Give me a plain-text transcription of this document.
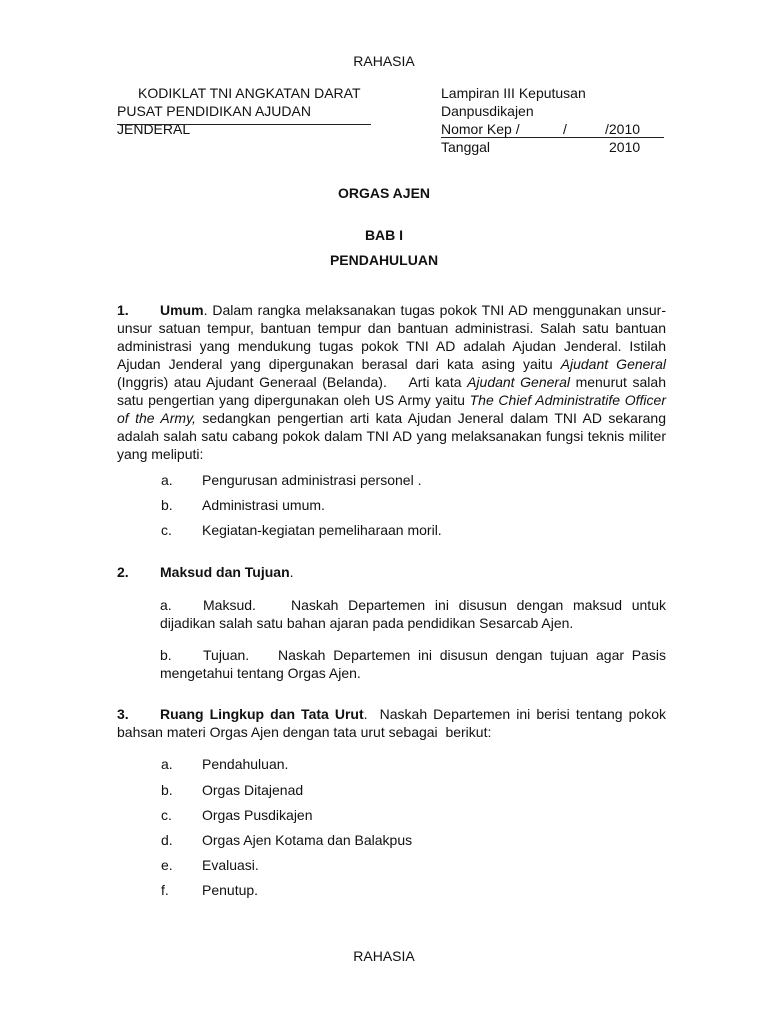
RAHASIA
KODIKLAT TNI ANGKATAN DARAT
PUSAT PENDIDIKAN AJUDAN JENDERAL
Lampiran III Keputusan Danpusdikajen
Nomor Kep /	/	/2010
Tanggal	2010
ORGAS AJEN
BAB I
PENDAHULUAN
1. Umum. Dalam rangka melaksanakan tugas pokok TNI AD menggunakan unsur-unsur satuan tempur, bantuan tempur dan bantuan administrasi. Salah satu bantuan administrasi yang mendukung tugas pokok TNI AD adalah Ajudan Jenderal. Istilah Ajudan Jenderal yang dipergunakan berasal dari kata asing yaitu Ajudant General (Inggris) atau Ajudant Generaal (Belanda).    Arti kata Ajudant General menurut salah satu pengertian yang dipergunakan oleh US Army yaitu The Chief Administratife Officer of the Army, sedangkan pengertian arti kata Ajudan Jeneral dalam TNI AD sekarang adalah salah satu cabang pokok dalam TNI AD yang melaksanakan fungsi teknis militer yang meliputi:
a. Pengurusan administrasi personel .
b. Administrasi umum.
c. Kegiatan-kegiatan pemeliharaan moril.
2. Maksud dan Tujuan.
a. Maksud.	Naskah Departemen ini disusun dengan maksud untuk dijadikan salah satu bahan ajaran pada pendidikan Sesarcab Ajen.
b. Tujuan. Naskah Departemen ini disusun dengan tujuan agar Pasis mengetahui tentang Orgas Ajen.
3. Ruang Lingkup dan Tata Urut.  Naskah Departemen ini berisi tentang pokok bahsan materi Orgas Ajen dengan tata urut sebagai  berikut:
a. Pendahuluan.
b. Orgas Ditajenad
c. Orgas Pusdikajen
d. Orgas Ajen Kotama dan Balakpus
e. Evaluasi.
f. Penutup.
RAHASIA
